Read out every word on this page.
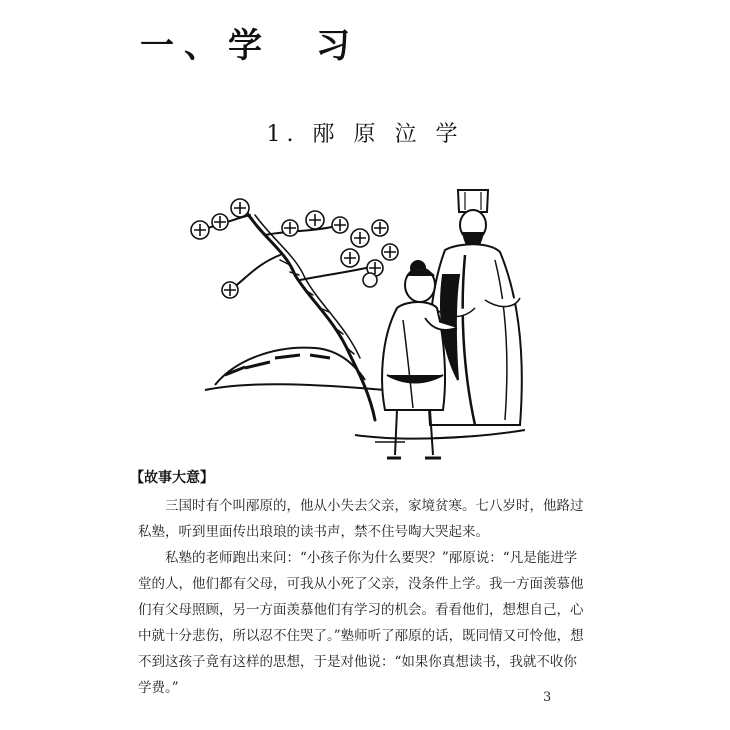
一、学　习
1. 邴 原 泣 学
【故事大意】

三国时有个叫邴原的，他从小失去父亲，家境贫寒。七八岁时，他路过私塾，听到里面传出琅琅的读书声，禁不住号啕大哭起来。

私塾的老师跑出来问：“小孩子你为什么要哭？”邴原说：“凡是能进学堂的人，他们都有父母，可我从小死了父亲，没条件上学。我一方面羡慕他们有父母照顾，另一方面羡慕他们有学习的机会。看看他们，想想自己，心中就十分悲伤，所以忍不住哭了。”塾师听了邴原的话，既同情又可怜他，想不到这孩子竟有这样的思想，于是对他说：“如果你真想读书，我就不收你学费。”

3
